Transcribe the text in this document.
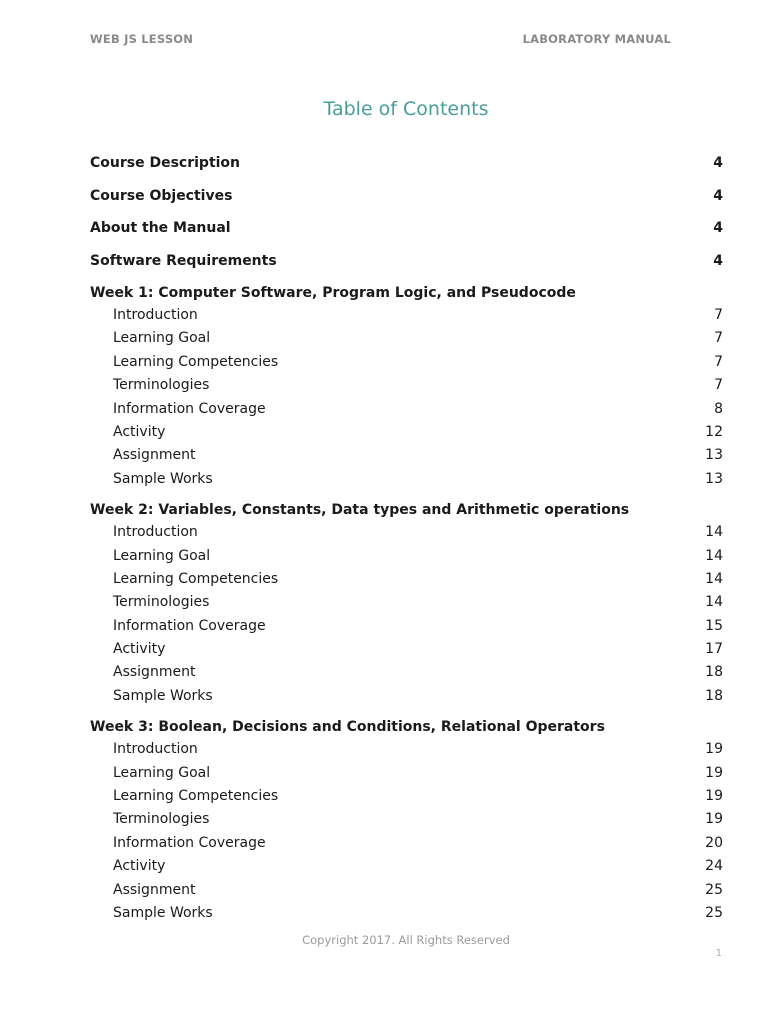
WEB JS LESSON	LABORATORY MANUAL
Table of Contents
Course Description	4
Course Objectives	4
About the Manual	4
Software Requirements	4
Week 1: Computer Software, Program Logic, and Pseudocode
Introduction	7
Learning Goal	7
Learning Competencies	7
Terminologies	7
Information Coverage	8
Activity	12
Assignment	13
Sample Works	13
Week 2: Variables, Constants, Data types and Arithmetic operations
Introduction	14
Learning Goal	14
Learning Competencies	14
Terminologies	14
Information Coverage	15
Activity	17
Assignment	18
Sample Works	18
Week 3: Boolean, Decisions and Conditions, Relational Operators
Introduction	19
Learning Goal	19
Learning Competencies	19
Terminologies	19
Information Coverage	20
Activity	24
Assignment	25
Sample Works	25
Copyright 2017. All Rights Reserved
1
